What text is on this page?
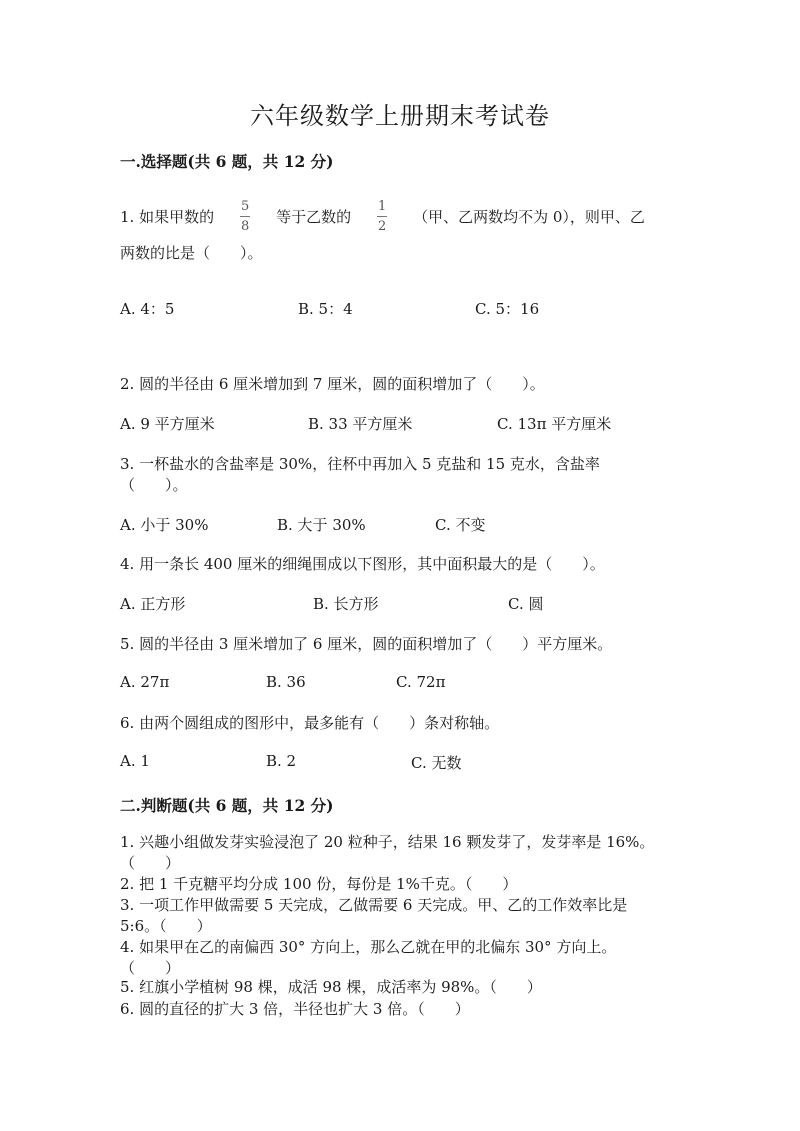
六年级数学上册期末考试卷
一.选择题(共 6 题，共 12 分)
1. 如果甲数的 $\frac{5}{8}$ 等于乙数的 $\frac{1}{2}$ （甲、乙两数均不为 0），则甲、乙
两数的比是（　　）。
A. 4：5	B. 5：4	C. 5：16
2. 圆的半径由 6 厘米增加到 7 厘米，圆的面积增加了（　　）。
A. 9 平方厘米	B. 33 平方厘米	C. 13π 平方厘米
3. 一杯盐水的含盐率是 30%，往杯中再加入 5 克盐和 15 克水，含盐率
（　　）。
A. 小于 30%	B. 大于 30%	C. 不变
4. 用一条长 400 厘米的细绳围成以下图形，其中面积最大的是（　　）。
A. 正方形	B. 长方形	C. 圆
5. 圆的半径由 3 厘米增加了 6 厘米，圆的面积增加了（　　）平方厘米。
A. 27π	B. 36	C. 72π
6. 由两个圆组成的图形中，最多能有（　　）条对称轴。
A. 1	B. 2	C. 无数
二.判断题(共 6 题，共 12 分)
1. 兴趣小组做发芽实验浸泡了 20 粒种子，结果 16 颗发芽了，发芽率是 16%。
（　　）
2. 把 1 千克糖平均分成 100 份，每份是 1%千克。（　　）
3. 一项工作甲做需要 5 天完成，乙做需要 6 天完成。甲、乙的工作效率比是
5:6。（　　）
4. 如果甲在乙的南偏西 30° 方向上，那么乙就在甲的北偏东 30° 方向上。
（　　）
5. 红旗小学植树 98 棵，成活 98 棵，成活率为 98%。（　　）
6. 圆的直径的扩大 3 倍，半径也扩大 3 倍。（　　）
